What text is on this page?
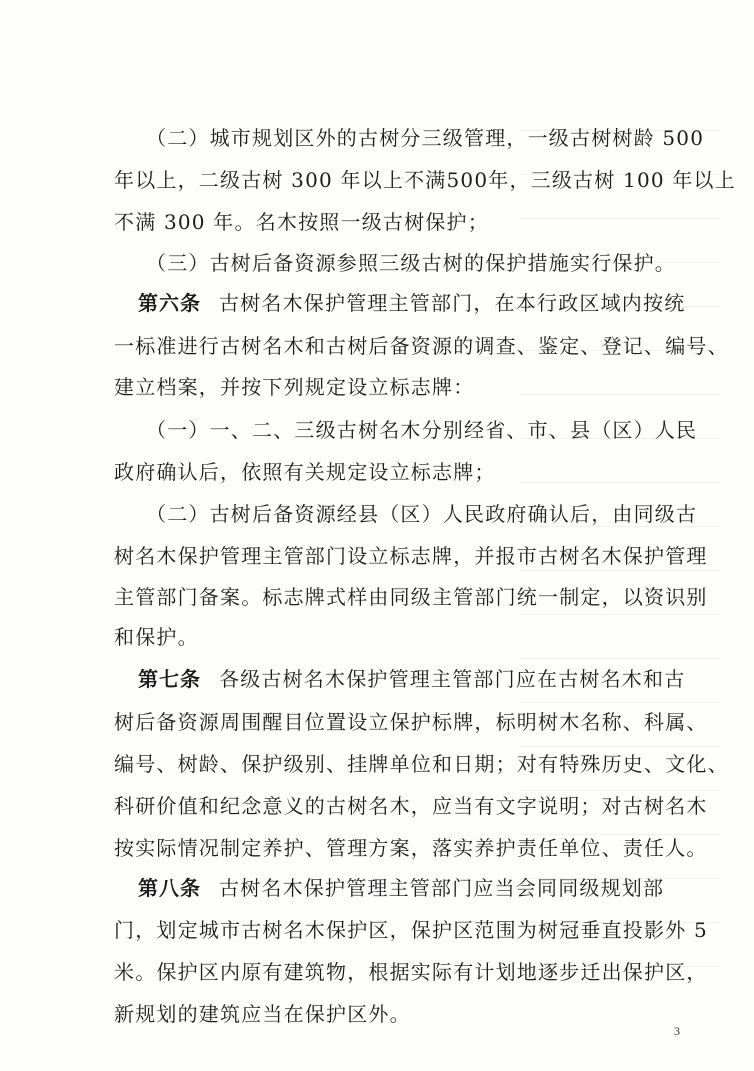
（二）城市规划区外的古树分三级管理，一级古树树龄 500
年以上，二级古树 300 年以上不满500年，三级古树 100 年以上
不满 300 年。名木按照一级古树保护；
（三）古树后备资源参照三级古树的保护措施实行保护。
第六条 古树名木保护管理主管部门，在本行政区域内按统
一标准进行古树名木和古树后备资源的调查、鉴定、登记、编号、
建立档案，并按下列规定设立标志牌：
（一）一、二、三级古树名木分别经省、市、县（区）人民
政府确认后，依照有关规定设立标志牌；
（二）古树后备资源经县（区）人民政府确认后，由同级古
树名木保护管理主管部门设立标志牌，并报市古树名木保护管理
主管部门备案。标志牌式样由同级主管部门统一制定，以资识别
和保护。
第七条 各级古树名木保护管理主管部门应在古树名木和古
树后备资源周围醒目位置设立保护标牌，标明树木名称、科属、
编号、树龄、保护级别、挂牌单位和日期；对有特殊历史、文化、
科研价值和纪念意义的古树名木，应当有文字说明；对古树名木
按实际情况制定养护、管理方案，落实养护责任单位、责任人。
第八条 古树名木保护管理主管部门应当会同同级规划部
门，划定城市古树名木保护区，保护区范围为树冠垂直投影外 5
米。保护区内原有建筑物，根据实际有计划地逐步迁出保护区，
新规划的建筑应当在保护区外。
3
